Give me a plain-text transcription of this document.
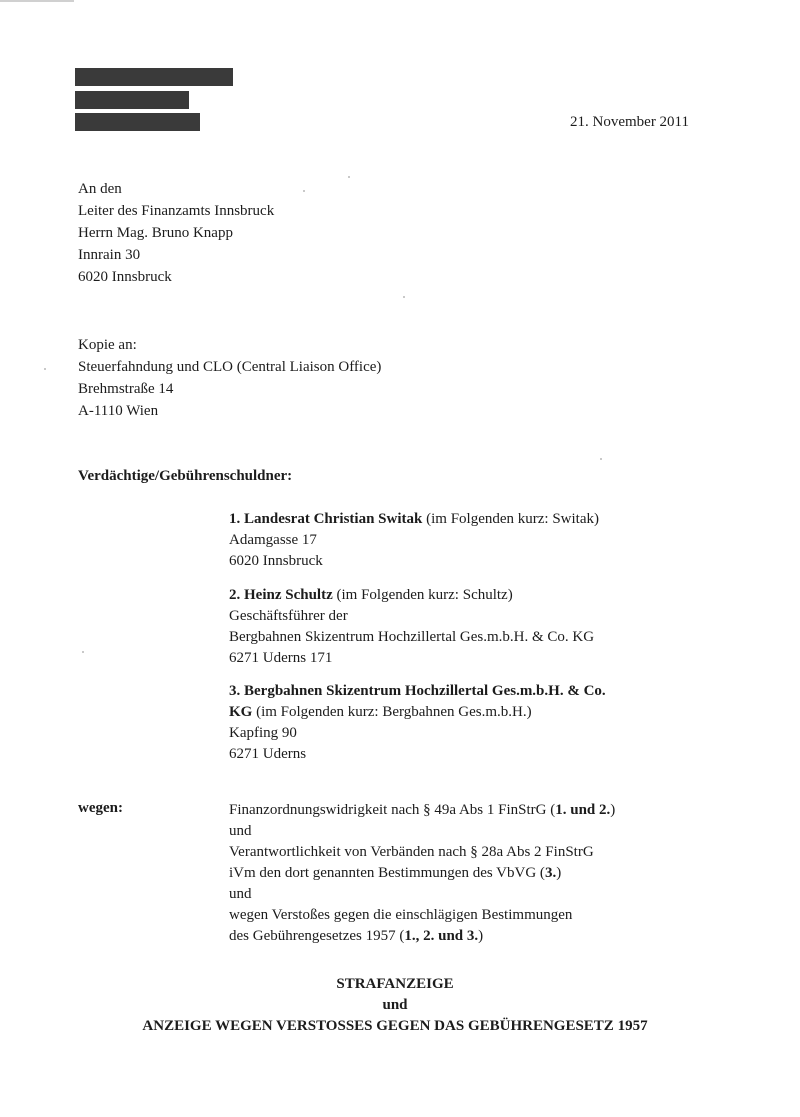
21. November 2011
An den
Leiter des Finanzamts Innsbruck
Herrn Mag. Bruno Knapp
Innrain 30
6020 Innsbruck
Kopie an:
Steuerfahndung und CLO (Central Liaison Office)
Brehmstraße 14
A-1110 Wien
Verdächtige/Gebührenschuldner:
1. Landesrat Christian Switak (im Folgenden kurz: Switak)
Adamgasse 17
6020 Innsbruck
2. Heinz Schultz (im Folgenden kurz: Schultz)
Geschäftsführer der
Bergbahnen Skizentrum Hochzillertal Ges.m.b.H. & Co. KG
6271 Uderns 171
3. Bergbahnen Skizentrum Hochzillertal Ges.m.b.H. & Co.
KG (im Folgenden kurz: Bergbahnen Ges.m.b.H.)
Kapfing 90
6271 Uderns
wegen:	Finanzordnungswidrigkeit nach § 49a Abs 1 FinStrG (1. und 2.)
und
Verantwortlichkeit von Verbänden nach § 28a Abs 2 FinStrG
iVm den dort genannten Bestimmungen des VbVG (3.)
und
wegen Verstoßes gegen die einschlägigen Bestimmungen
des Gebührengesetzes 1957 (1., 2. und 3.)
STRAFANZEIGE
und
ANZEIGE WEGEN VERSTOSSES GEGEN DAS GEBÜHRENGESETZ 1957
